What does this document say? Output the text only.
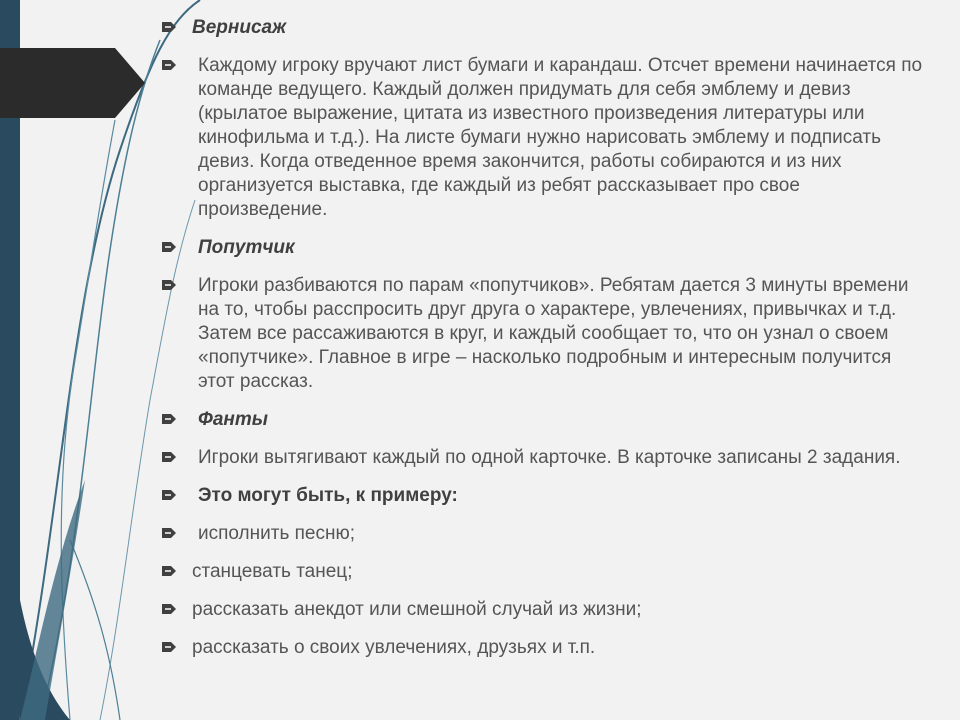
Вернисаж
Каждому игроку вручают лист бумаги и карандаш. Отсчет времени начинается по команде ведущего. Каждый должен придумать для себя эмблему и девиз (крылатое выражение, цитата из известного произведения литературы или кинофильма и т.д.). На листе бумаги нужно нарисовать эмблему и подписать девиз. Когда отведенное время закончится, работы собираются и из них организуется выставка, где каждый из ребят рассказывает про свое произведение.
Попутчик
Игроки разбиваются по парам «попутчиков». Ребятам дается 3 минуты времени на то, чтобы расспросить друг друга о характере, увлечениях, привычках и т.д. Затем все рассаживаются в круг, и каждый сообщает то, что он узнал о своем «попутчике». Главное в игре – насколько подробным и интересным получится этот рассказ.
Фанты
Игроки вытягивают каждый по одной карточке. В карточке записаны 2 задания.
Это могут быть, к примеру:
исполнить песню;
станцевать танец;
рассказать анекдот или смешной случай из жизни;
рассказать о своих увлечениях, друзьях и т.п.
